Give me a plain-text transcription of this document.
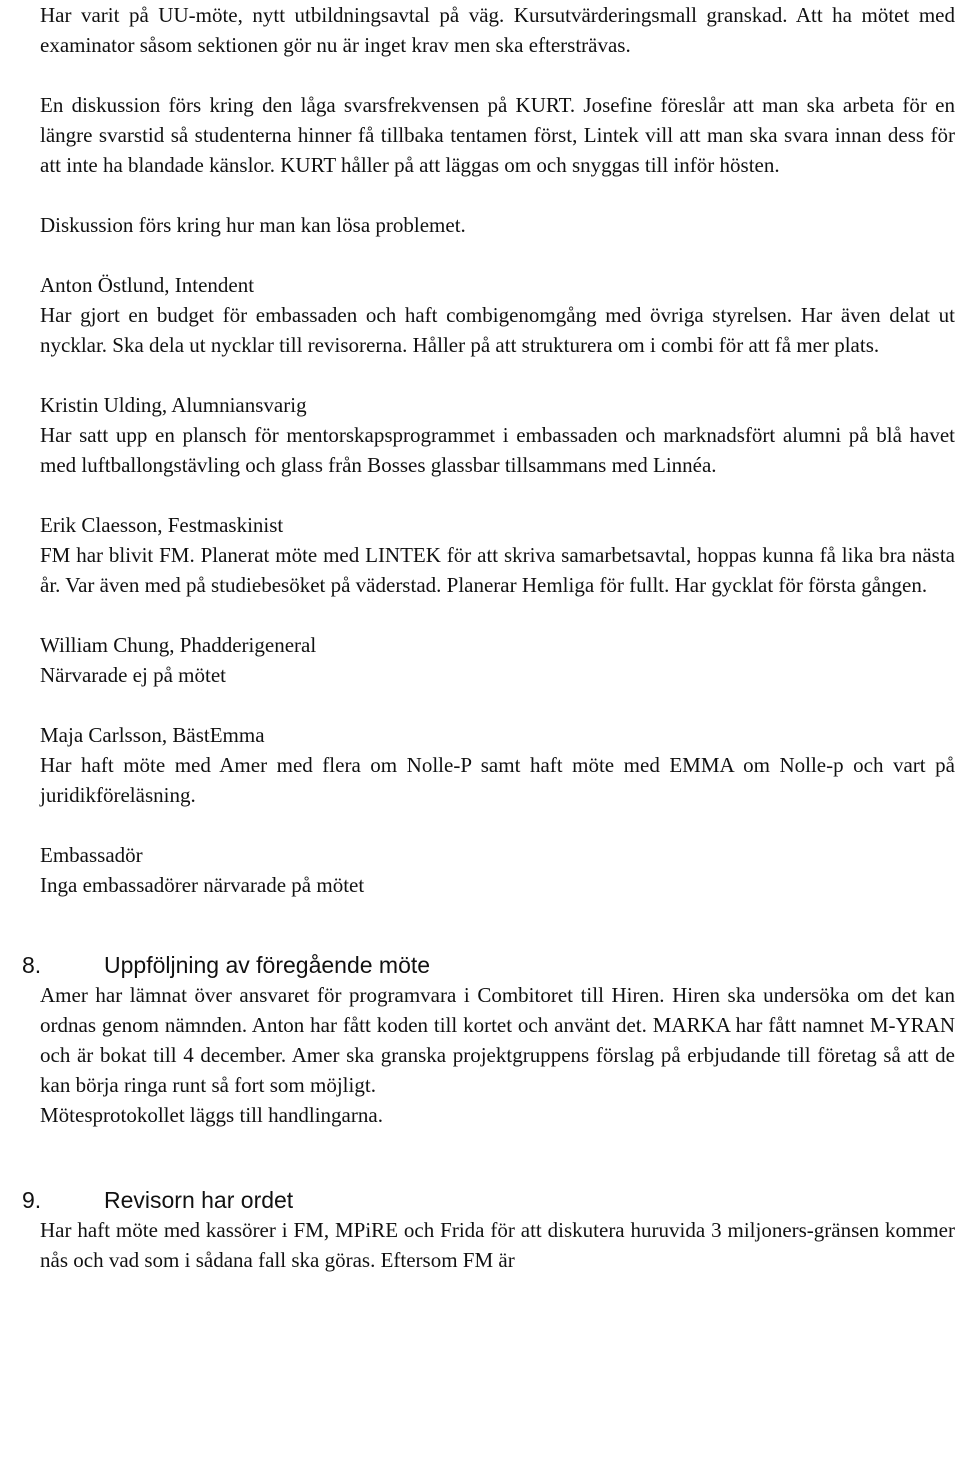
Har varit på UU-möte, nytt utbildningsavtal på väg. Kursutvärderingsmall granskad. Att ha mötet med examinator såsom sektionen gör nu är inget krav men ska eftersträvas.

En diskussion förs kring den låga svarsfrekvensen på KURT. Josefine föreslår att man ska arbeta för en längre svarstid så studenterna hinner få tillbaka tentamen först, Lintek vill att man ska svara innan dess för att inte ha blandade känslor. KURT håller på att läggas om och snyggas till inför hösten.

Diskussion förs kring hur man kan lösa problemet.

Anton Östlund, Intendent

Har gjort en budget för embassaden och haft combigenomgång med övriga styrelsen. Har även delat ut nycklar. Ska dela ut nycklar till revisorerna. Håller på att strukturera om i combi för att få mer plats.

Kristin Ulding, Alumniansvarig

Har satt upp en plansch för mentorskapsprogrammet i embassaden och marknadsfört alumni på blå havet med luftballongstävling och glass från Bosses glassbar tillsammans med Linnéa.

Erik Claesson, Festmaskinist

FM har blivit FM. Planerat möte med LINTEK för att skriva samarbetsavtal, hoppas kunna få lika bra nästa år. Var även med på studiebesöket på väderstad. Planerar Hemliga för fullt. Har gycklat för första gången.

William Chung, Phadderigeneral

Närvarade ej på mötet

Maja Carlsson, BästEmma

Har haft möte med Amer med flera om Nolle-P samt haft möte med EMMA om Nolle-p och vart på juridikföreläsning.

Embassadör

Inga embassadörer närvarade på mötet

8.	Uppföljning av föregående möte

Amer har lämnat över ansvaret för programvara i Combitoret till Hiren. Hiren ska undersöka om det kan ordnas genom nämnden. Anton har fått koden till kortet och använt det. MARKA har fått namnet M-YRAN och är bokat till 4 december. Amer ska granska projektgruppens förslag på erbjudande till företag så att de kan börja ringa runt så fort som möjligt.

Mötesprotokollet läggs till handlingarna.

9.	Revisorn har ordet

Har haft möte med kassörer i FM, MPiRE och Frida för att diskutera huruvida 3 miljoners-gränsen kommer nås och vad som i sådana fall ska göras. Eftersom FM är
